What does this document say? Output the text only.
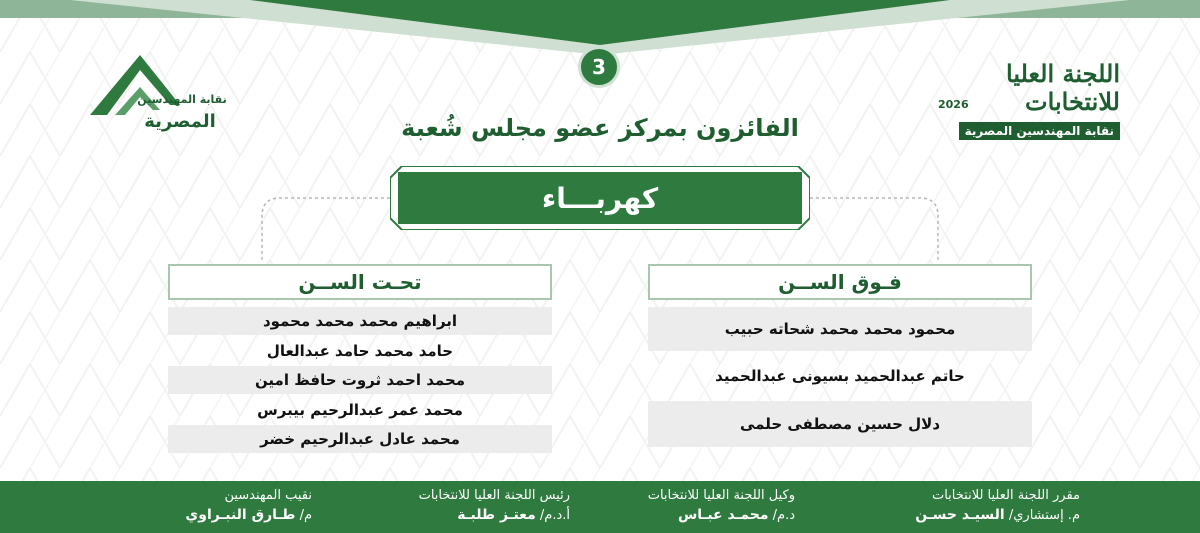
3	اللجنة العليا للانتخابات
نقابة المهندسين المصرية
2026
نقابة المهندسين
المصرية	الفائزون بمركز عضو مجلس شُعبة
كهربـــاء
تحـت الســن	فـوق الســن
ابراهيم محمد محمد محمود
حامد محمد حامد عبدالعال
محمد احمد ثروت حافظ امين
محمد عمر عبدالرحيم بيبرس
محمد عادل عبدالرحيم خضر
محمود محمد محمد شحاته حبيب
حاتم عبدالحميد بسيونى عبدالحميد
دلال حسين مصطفى حلمى
مقرر اللجنة العليا للانتخابات
م. إستشاري/ السيـد حسـن
وكيل اللجنة العليا للانتخابات
د.م/ محمـد عبـاس
رئيس اللجنة العليا للانتخابات
أ.د.م/ معتـز طلبـة
نقيب المهندسين
م/ طـارق النبـراوي
